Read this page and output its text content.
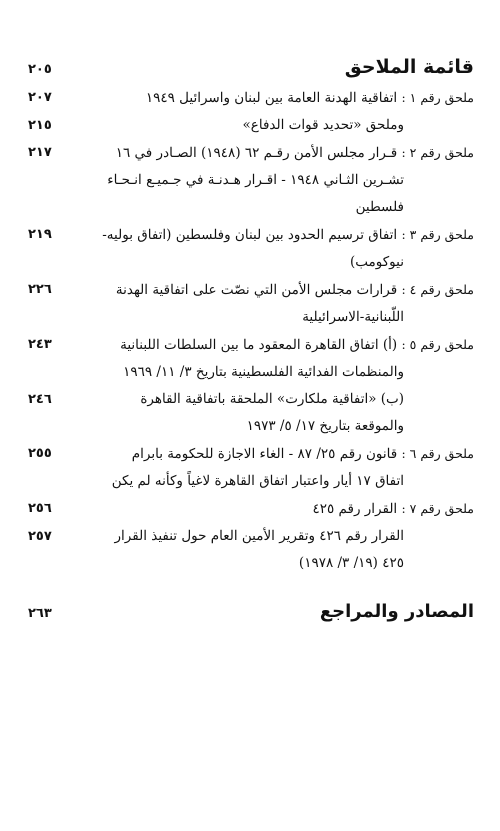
قائمة الملاحق
٢٠٥
ملحق رقم ١ : اتفاقية الهدنة العامة بين لبنان واسرائيل ١٩٤٩
٢٠٧
وملحق «تحديد قوات الدفاع»
٢١٥
ملحق رقم ٢ : قـرار مجلس الأمن رقـم ٦٢ (١٩٤٨) الصـادر في ١٦
تشـرين الثـاني ١٩٤٨ - اقـرار هـدنـة في جـميـع انـحـاء
فلسطين
٢١٧
ملحق رقم ٣ : اتفاق ترسيم الحدود بين لبنان وفلسطين (اتفاق بوليه-
نيوكومب)
٢١٩
ملحق رقم ٤ : قرارات مجلس الأمن التي نصّت على اتفاقية الهدنة
اللّبنانية-الاسرائيلية
٢٢٦
ملحق رقم ٥ : (أ) اتفاق القاهرة المعقود ما بين السلطات اللبنانية
والمنظمات الفدائية الفلسطينية بتاريخ ٣/ ١١/ ١٩٦٩
٢٤٣
(ب) «اتفاقية ملكارت» الملحقة باتفاقية القاهرة
والموقعة بتاريخ ١٧/ ٥/ ١٩٧٣
٢٤٦
ملحق رقم ٦ : قانون رقم ٢٥/ ٨٧ - الغاء الاجازة للحكومة بابرام
اتفاق ١٧ أيار واعتبار اتفاق القاهرة لاغياً وكأنه لم يكن
٢٥٥
ملحق رقم ٧ : القرار رقم ٤٢٥
٢٥٦
القرار رقم ٤٢٦ وتقرير الأمين العام حول تنفيذ القرار
٤٢٥ (١٩/ ٣/ ١٩٧٨)
٢٥٧
المصادر والمراجع
٢٦٣
